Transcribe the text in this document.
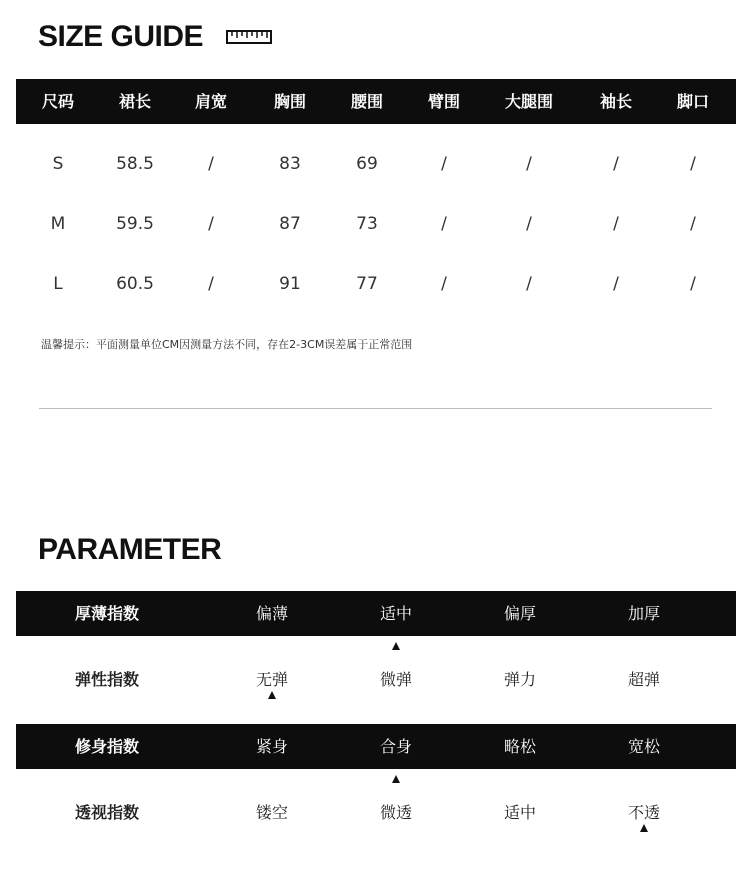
SIZE GUIDE
尺码	裙长	肩宽	胸围	腰围	臂围	大腿围	袖长	脚口
S	58.5	/	83	69	/	/	/	/
M	59.5	/	87	73	/	/	/	/
L	60.5	/	91	77	/	/	/	/
温馨提示：平面测量单位CM因测量方法不同，存在2-3CM误差属于正常范围
PARAMETER
厚薄指数	偏薄	适中	偏厚	加厚
弹性指数	无弹	微弹	弹力	超弹
修身指数	紧身	合身	略松	宽松
透视指数	镂空	微透	适中	不透
